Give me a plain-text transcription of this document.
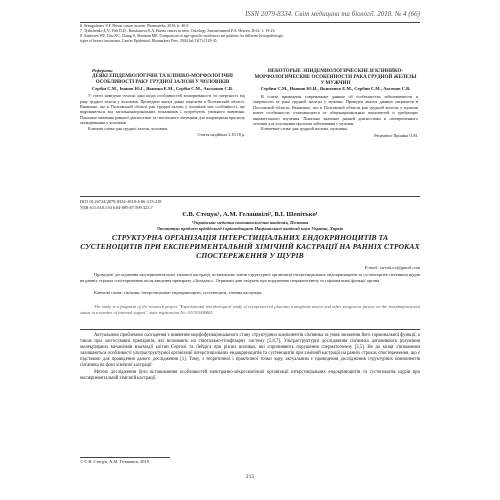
ISSN 2079-8334. Світ медицини та біології. 2018. № 4 (66)
6. Semigolenov V.F. Breast cancer in men. Pharmateka. 2010; 6: 40-5.
7. Tyshchenko E.V., Pali D.D., Rasskazova E.A. Breast cancer in men. Oncology Journal named P.A. Herzen. 2014; 1: 19-23.
8. Andersen WF, Chu KC, Chang S, Sherman ME. Comparison of age-specific incidence rate patterns for different histopathologic
types of breast carcinoma. Cancer Epidemiol. Biomarkers Prev. 2004 Jul;13(7):1128-35.
Реферати
ДЕЯКІ ЕПІДЕМІОЛОГІЧНІ ТА КЛІНІКО-МОРФОЛОГІЧНІ ОСОБЛИВОСТІ РАКУ ГРУДНОЇ ЗАЛОЗИ У ЧОЛОВІКІВ
Сербін С.М., Іванов Ю.І., Якимко Е.М., Сербін С.М., Аксьонов С.В.
У статті наведено сучасні дані щодо особливостей захворюваності та смертності від раку грудної залози у чоловіків. Проведено аналіз даних пацієнтів в Полтавській області. Виявлено, що в Полтавській області рак грудної залози у чоловіків має особливості, що відрізняються від загальнонаціональних показників і потребують уважного вивчення. Показано значення ранньої діагностики та своєчасного лікування для покращення прогнозу захворювання у чоловіків.
Ключові слова: рак грудної залози, чоловіки.
Стаття надійшла 2.10.18 р.
НЕКОТОРЫЕ ЭПИДЕМИОЛОГИЧЕСКИЕ И КЛИНИКО-МОРФОЛОГИЧЕСКИЕ ОСОБЕННОСТИ РАКА ГРУДНОЙ ЖЕЛЕЗЫ У МУЖЧИН
Сербин С.М., Иванов Ю.И., Якименко Е.М., Сербин С.М., Аксенов С.В.
В статье приведены современные данные об особенностях заболеваемости и смертности от рака грудной железы у мужчин. Проведен анализ данных пациентов в Полтавской области. Выявлено, что в Полтавской области рак грудной железы у мужчин имеет особенности, отличающиеся от общенациональных показателей и требующие внимательного изучения. Показано значение ранней диагностики и своевременного лечения для улучшения прогноза заболевания у мужчин.
Ключевые слова: рак грудной железы, мужчины.
Рецензент Проніна О.М.
DOI 10.26724/2079-8334-2018-4-66-215-218
УДК 611.018.1:616.64-089.87:599.323.7
Є.В. Стецук¹, А.М. Гелашвілі², В.І. Шепітько¹
¹Українська медична стоматологічна академія, Полтава
²Інститут проблем кріобіології і кріомедицини Національної академії наук України, Харків
СТРУКТУРНА ОРГАНІЗАЦІЯ ІНТЕРСТИЦІАЛЬНИХ ЕНДОКРИНОЦИТІВ ТА СУСТЕНОЦИТІВ ПРИ ЕКСПЕРИМЕНТАЛЬНІЙ ХІМІЧНІЙ КАСТРАЦІЇ НА РАННІХ СТРОКАХ СПОСТЕРЕЖЕННЯ У ЩУРІВ
E-mail: stecuk.ev@gmail.com
Проведені дослідження експериментальної хімічної кастрації, встановлено зміни структурної організації інтерстиціальних ендокриноцитів та сустеноцитів сім'яників щурів на ранніх строках спостереження після введення препарату «Золадекс». Отримані дані свідчать про порушення сперматогенезу та гормональної функції органа.
Ключові слова: сім'яник, інтерстиціальні ендокриноцити, сустеноцити, хімічна кастрація.
The study is a fragment of the research project "Experimental morphological study of cryopreserved placenta transplants action and other exogenous factors on the morphofunctional status in a number of internal organs", state registration No. 0113U006865.

Актуальною проблемою сьогодення є вивчення морфофункціонального стану структурних компонентів сім'яника за умов зниження його гормональної функції, а також при застосуванні препаратів, які впливають на гіпоталамо-гіпофізарну систему [2,6,7]. Ультраструктурні дослідження сім'яника доповнюють розуміння молекулярних механізмів взаємодії клітин Сертолі та Лейдіга при різних впливах, які спричиняють порушення сперматогенезу [3,5]. Не до кінця з'ясованими залишаються особливості ультраструктурної організації інтерстиціальних ендокриноцитів та сустеноцитів при хімічній кастрації на ранніх строках спостереження, що є підставою для проведення даного дослідження [1]. Тому, з теоретичної і практичної точки зору, актуальним є проведення дослідження структурних компонентів сім'яника на фоні хімічної кастрації.

Метою дослідження було встановлення особливостей електронно-мікроскопічної організації інтерстиціальних ендокриноцитів та сустеноцитів щурів при експериментальній хімічній кастрації.

© Є.В. Стецук, А.М. Гелашвілі, 2018
215
